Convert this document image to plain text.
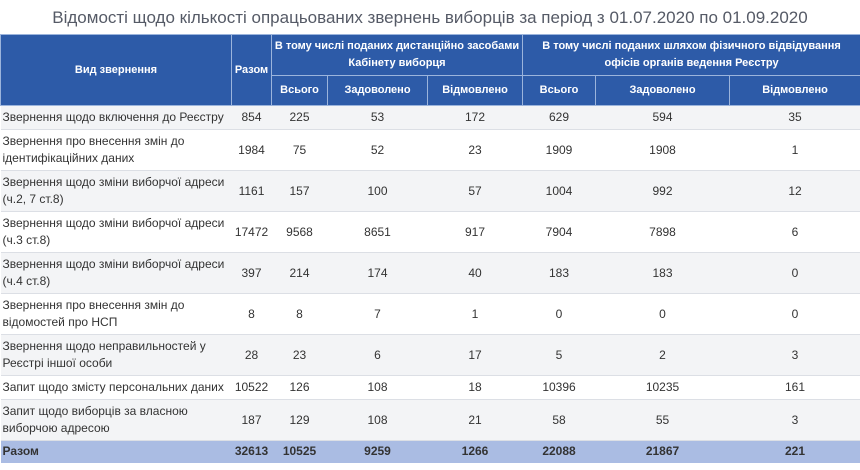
Відомості щодо кількості опрацьованих звернень виборців за період з 01.07.2020 по 01.09.2020
Вид звернення	Разом	В тому числі поданих дистанційно засобами Кабінету виборця			В тому числі поданих шляхом фізичного відвідування офісів органів ведення Реєстру		
		Всього	Задоволено	Відмовлено	Всього	Задоволено	Відмовлено
Звернення щодо включення до Реєстру	854	225	53	172	629	594	35
Звернення про внесення змін до ідентифікаційних даних	1984	75	52	23	1909	1908	1
Звернення щодо зміни виборчої адреси (ч.2, 7 ст.8)	1161	157	100	57	1004	992	12
Звернення щодо зміни виборчої адреси (ч.3 ст.8)	17472	9568	8651	917	7904	7898	6
Звернення щодо зміни виборчої адреси (ч.4 ст.8)	397	214	174	40	183	183	0
Звернення про внесення змін до відомостей про НСП	8	8	7	1	0	0	0
Звернення щодо неправильностей у Реєстрі іншої особи	28	23	6	17	5	2	3
Запит щодо змісту персональних даних	10522	126	108	18	10396	10235	161
Запит щодо виборців за власною виборчою адресою	187	129	108	21	58	55	3
Разом	32613	10525	9259	1266	22088	21867	221
